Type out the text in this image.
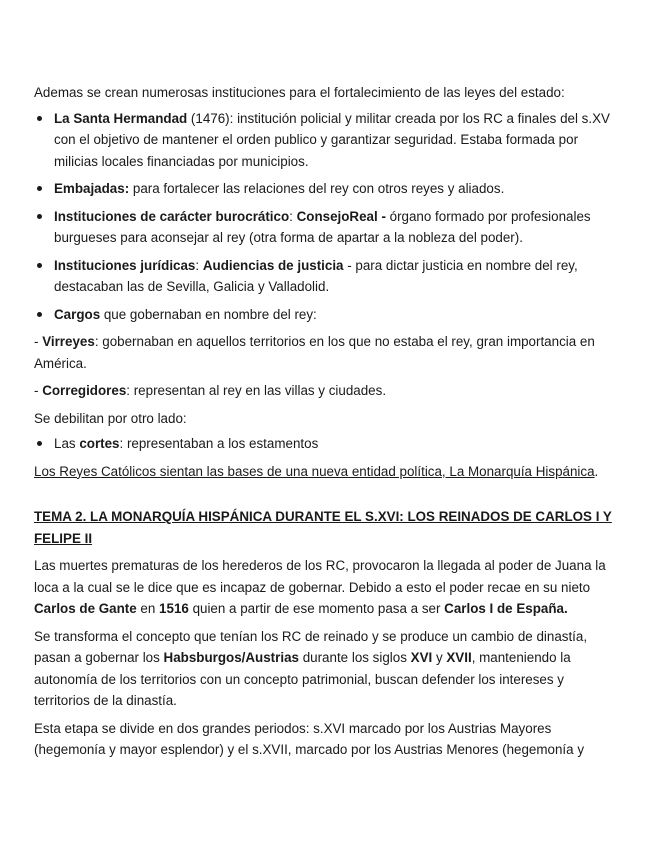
Ademas se crean numerosas instituciones para el fortalecimiento de las leyes del estado:

La Santa Hermandad (1476): institución policial y militar creada por los RC a finales del s.XV con el objetivo de mantener el orden publico y garantizar seguridad. Estaba formada por milicias locales financiadas por municipios.
Embajadas: para fortalecer las relaciones del rey con otros reyes y aliados.
Instituciones de carácter burocrático: ConsejoReal - órgano formado por profesionales burgueses para aconsejar al rey (otra forma de apartar a la nobleza del poder).
Instituciones jurídicas: Audiencias de justicia - para dictar justicia en nombre del rey, destacaban las de Sevilla, Galicia y Valladolid.
Cargos que gobernaban en nombre del rey:

- Virreyes: gobernaban en aquellos territorios en los que no estaba el rey, gran importancia en América.

- Corregidores: representan al rey en las villas y ciudades.

Se debilitan por otro lado:

Las cortes: representaban a los estamentos

Los Reyes Católicos sientan las bases de una nueva entidad política, La Monarquía Hispánica.

TEMA 2. LA MONARQUÍA HISPÁNICA DURANTE EL S.XVI: LOS REINADOS DE CARLOS I Y FELIPE II

Las muertes prematuras de los herederos de los RC, provocaron la llegada al poder de Juana la loca a la cual se le dice que es incapaz de gobernar. Debido a esto el poder recae en su nieto Carlos de Gante en 1516 quien a partir de ese momento pasa a ser Carlos I de España.

Se transforma el concepto que tenían los RC de reinado y se produce un cambio de dinastía, pasan a gobernar los Habsburgos/Austrias durante los siglos XVI y XVII, manteniendo la autonomía de los territorios con un concepto patrimonial, buscan defender los intereses y territorios de la dinastía.

Esta etapa se divide en dos grandes periodos: s.XVI marcado por los Austrias Mayores (hegemonía y mayor esplendor) y el s.XVII, marcado por los Austrias Menores (hegemonía y
